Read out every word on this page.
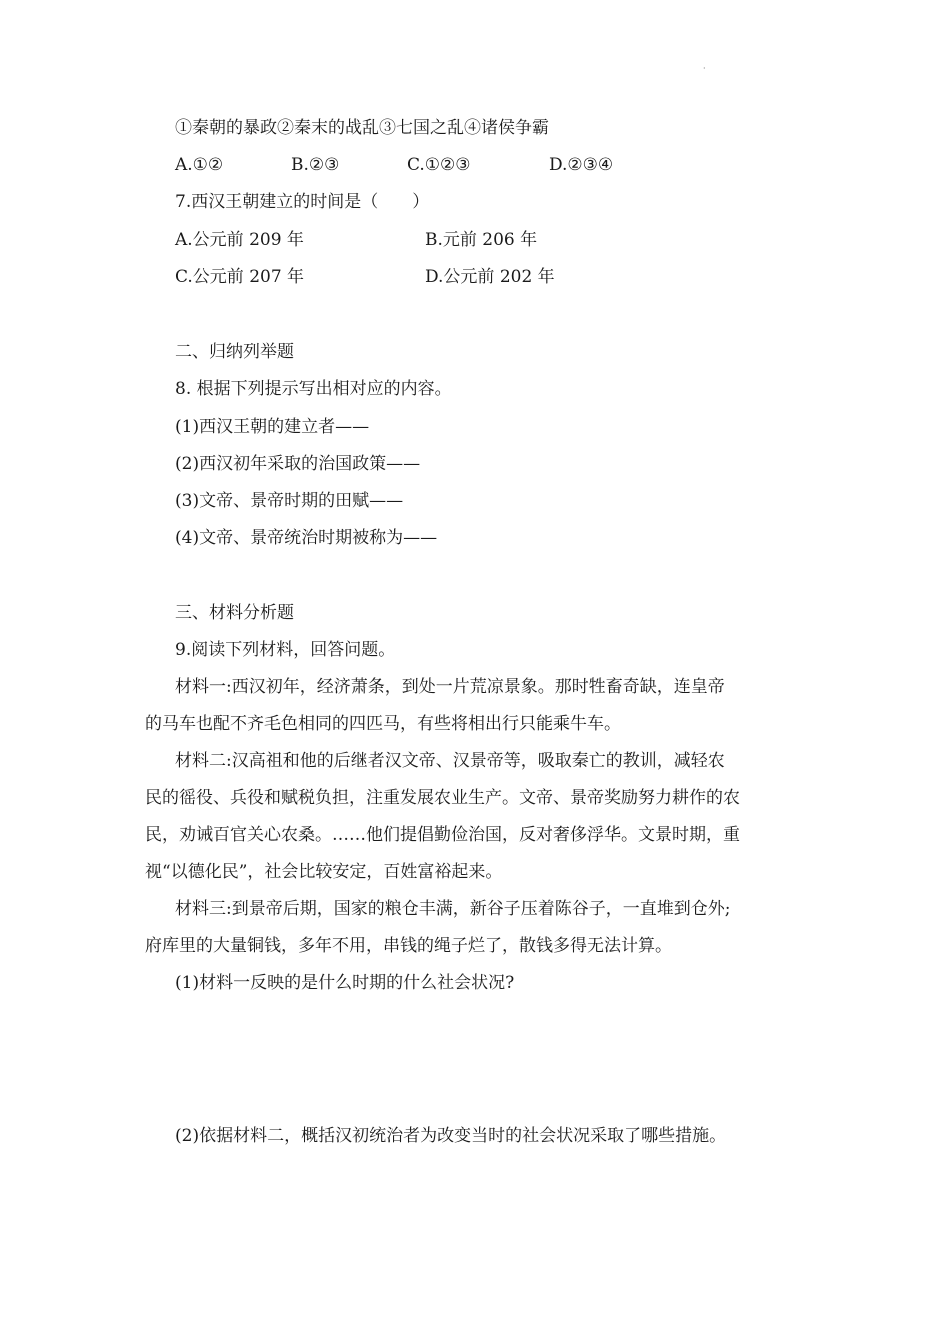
·
①秦朝的暴政②秦末的战乱③七国之乱④诸侯争霸
A.①②	B.②③	C.①②③	D.②③④
7.西汉王朝建立的时间是（　　）
A.公元前 209 年	B.元前 206 年
C.公元前 207 年	D.公元前 202 年
二、归纳列举题
8. 根据下列提示写出相对应的内容。
(1)西汉王朝的建立者——
(2)西汉初年采取的治国政策——
(3)文帝、景帝时期的田赋——
(4)文帝、景帝统治时期被称为——
三、材料分析题
9.阅读下列材料，回答问题。
材料一:西汉初年，经济萧条，到处一片荒凉景象。那时牲畜奇缺，连皇帝
的马车也配不齐毛色相同的四匹马，有些将相出行只能乘牛车。
材料二:汉高祖和他的后继者汉文帝、汉景帝等，吸取秦亡的教训，减轻农
民的徭役、兵役和赋税负担，注重发展农业生产。文帝、景帝奖励努力耕作的农
民，劝诫百官关心农桑。……他们提倡勤俭治国，反对奢侈浮华。文景时期，重
视“以德化民”，社会比较安定，百姓富裕起来。
材料三:到景帝后期，国家的粮仓丰满，新谷子压着陈谷子，一直堆到仓外;
府库里的大量铜钱，多年不用，串钱的绳子烂了，散钱多得无法计算。
(1)材料一反映的是什么时期的什么社会状况?
(2)依据材料二，概括汉初统治者为改变当时的社会状况采取了哪些措施。
